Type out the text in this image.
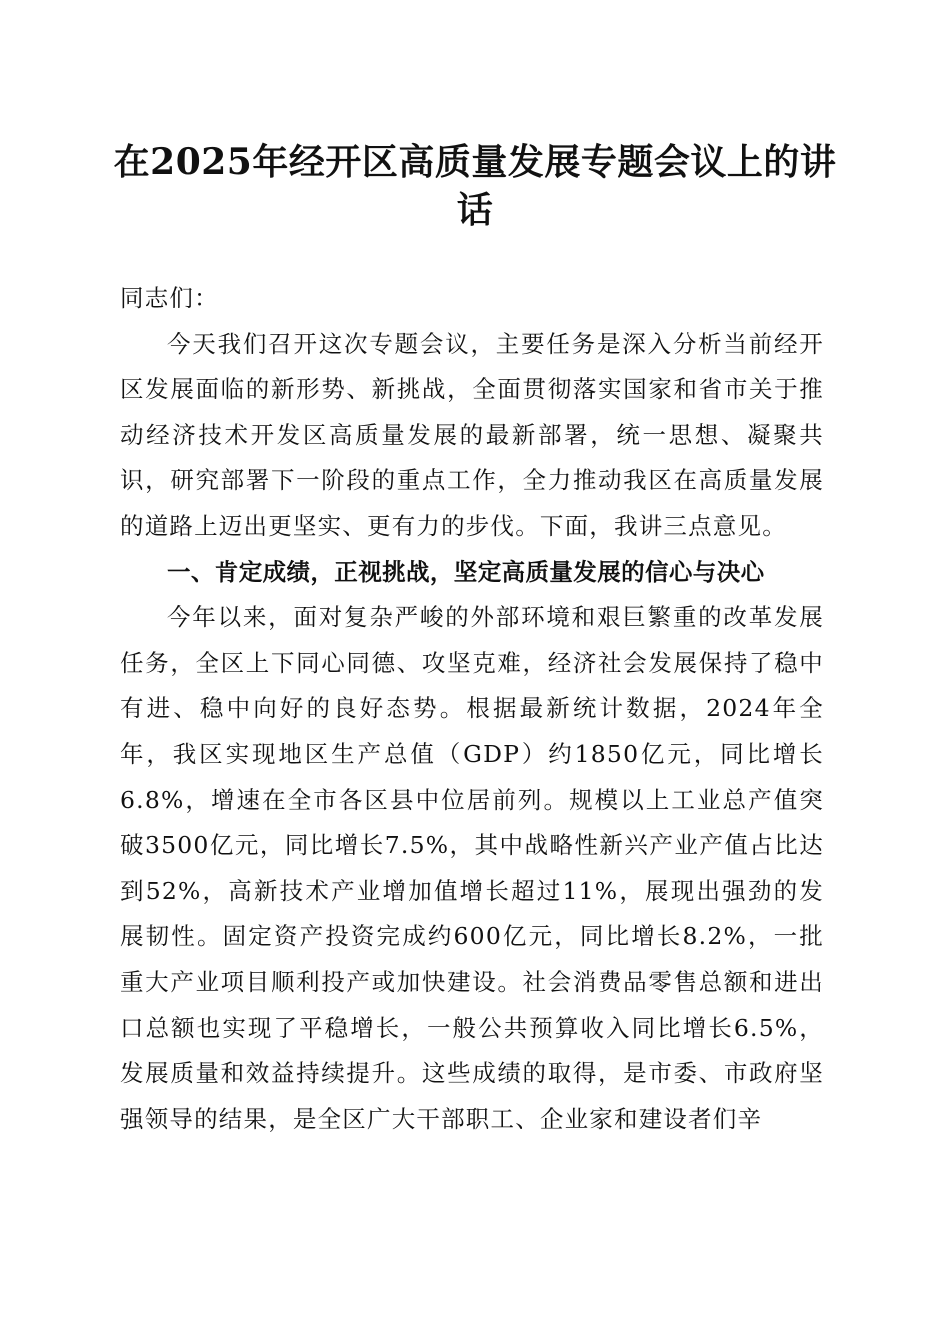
在2025年经开区高质量发展专题会议上的讲话

同志们：

今天我们召开这次专题会议，主要任务是深入分析当前经开区发展面临的新形势、新挑战，全面贯彻落实国家和省市关于推动经济技术开发区高质量发展的最新部署，统一思想、凝聚共识，研究部署下一阶段的重点工作，全力推动我区在高质量发展的道路上迈出更坚实、更有力的步伐。下面，我讲三点意见。

一、肯定成绩，正视挑战，坚定高质量发展的信心与决心

今年以来，面对复杂严峻的外部环境和艰巨繁重的改革发展任务，全区上下同心同德、攻坚克难，经济社会发展保持了稳中有进、稳中向好的良好态势。根据最新统计数据，2024年全年，我区实现地区生产总值（GDP）约1850亿元，同比增长6.8%，增速在全市各区县中位居前列。规模以上工业总产值突破3500亿元，同比增长7.5%，其中战略性新兴产业产值占比达到52%，高新技术产业增加值增长超过11%，展现出强劲的发展韧性。固定资产投资完成约600亿元，同比增长8.2%，一批重大产业项目顺利投产或加快建设。社会消费品零售总额和进出口总额也实现了平稳增长，一般公共预算收入同比增长6.5%，发展质量和效益持续提升。这些成绩的取得，是市委、市政府坚强领导的结果，是全区广大干部职工、企业家和建设者们辛
